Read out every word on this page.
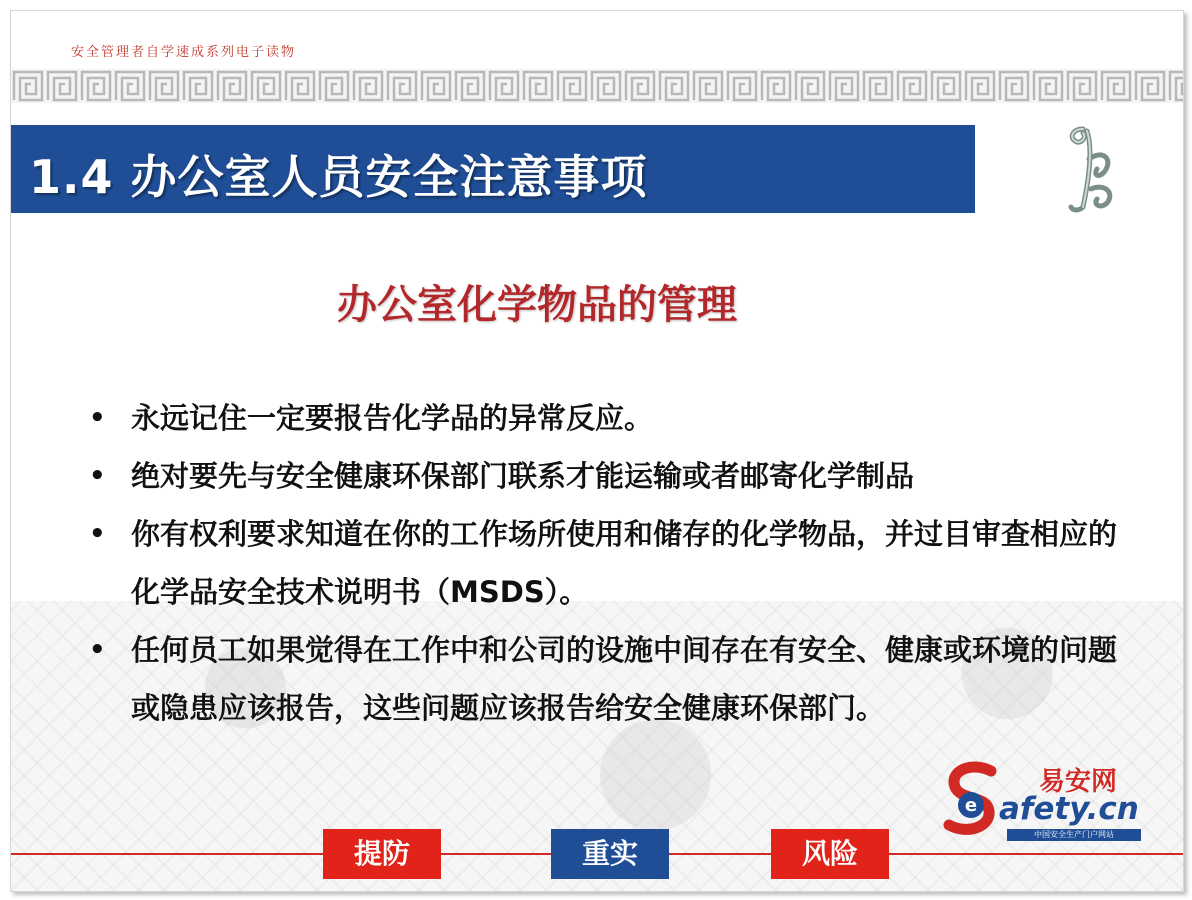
安全管理者自学速成系列电子读物
1.4 办公室人员安全注意事项
办公室化学物品的管理
• 永远记住一定要报告化学品的异常反应。
• 绝对要先与安全健康环保部门联系才能运输或者邮寄化学制品
• 你有权利要求知道在你的工作场所使用和储存的化学物品，并过目审查相应的化学品安全技术说明书（MSDS）。
• 任何员工如果觉得在工作中和公司的设施中间存在有安全、健康或环境的问题或隐患应该报告，这些问题应该报告给安全健康环保部门。
e
易安网
afety.cn
中国安全生产门户网站
提防	重实	风险
